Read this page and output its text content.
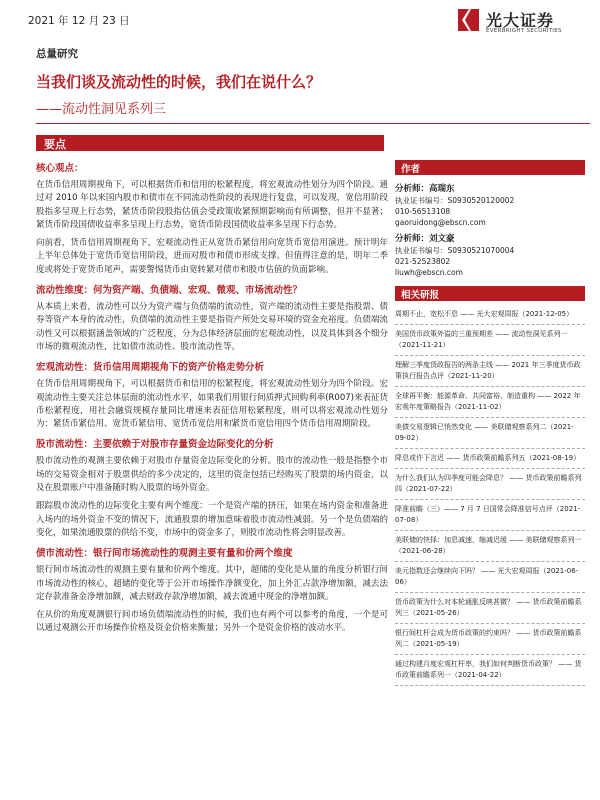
2021 年 12 月 23 日	光大证券
EVERBRIGHT SECURITIES
总量研究
当我们谈及流动性的时候，我们在说什么？
——流动性洞见系列三
要点
核心观点：

在货币信用周期视角下，可以根据货币和信用的松紧程度，将宏观流动性划分为四个阶段。通过对 2010 年以来国内股市和债市在不同流动性阶段的表现进行复盘，可以发现，宽信用阶段股指多呈现上行态势，紧货币阶段股指估值会受政策收紧预期影响而有所调整，但并不显著；紧货币阶段国债收益率多呈现上行态势，宽货币阶段国债收益率多呈现下行态势。

向前看，货币信用周期视角下，宏观流动性正从宽货币紧信用向宽货币宽信用演进。预计明年上半年总体处于宽货币宽信用阶段，进而对股市和债市形成支撑。但值得注意的是，明年二季度或将处于宽货币尾声，需要警惕货币由宽转紧对债市和股市估值的负面影响。

流动性维度：何为资产端、负债端、宏观、微观、市场流动性？

从本质上来看，流动性可以分为资产端与负债端的流动性，资产端的流动性主要是指股票、债券等资产本身的流动性，负债端的流动性主要是指资产所处交易环境的资金充裕度。负债端流动性又可以根据涵盖领域的广泛程度，分为总体经济层面的宏观流动性，以及具体到各个细分市场的微观流动性，比如债市流动性、股市流动性等。

宏观流动性：货币信用周期视角下的资产价格走势分析

在货币信用周期视角下，可以根据货币和信用的松紧程度，将宏观流动性划分为四个阶段。宏观流动性主要关注总体层面的流动性水平，如果我们用银行间质押式回购利率(R007)来表征货币松紧程度，用社会融资规模存量同比增速来表征信用松紧程度，则可以将宏观流动性划分为：紧货币紧信用、宽货币紧信用、宽货币宽信用和紧货币宽信用四个货币信用周期阶段。

股市流动性：主要依赖于对股市存量资金边际变化的分析

股市流动性的观测主要依赖于对股市存量资金边际变化的分析。股市的流动性一般是指整个市场的交易资金相对于股票供给的多少决定的，这里的资金包括已经购买了股票的场内资金，以及在股票账户中准备随时购入股票的场外资金。

跟踪股市流动性的边际变化主要有两个维度：一个是资产端的挤压，如果在场内资金和准备进入场内的场外资金不变的情况下，流通股票的增加意味着股市流动性减弱。另一个是负债端的变化，如果流通股票的供给不变，市场中的资金多了，则股市流动性将会明显改善。

债市流动性：银行间市场流动性的观测主要有量和价两个维度

银行间市场流动性的观测主要有量和价两个维度。其中，超储的变化是从量的角度分析银行间市场流动性的核心，超储的变化等于公开市场操作净额变化，加上外汇占款净增加额，减去法定存款准备金净增加额，减去财政存款净增加额，减去流通中现金的净增加额。

在从价的角度观测银行间市场负债端流动性的时候，我们也有两个可以参考的角度，一个是可以通过观测公开市场操作价格及资金价格来衡量；另外一个是资金价格的波动水平。

作者
分析师：高瑞东
执业证书编号：S0930520120002
010-56513108
gaoruidong@ebscn.com
分析师：刘文豪
执业证书编号：S0930521070004
021-52523802
liuwh@ebscn.com
相关研报
周期不止，宽松不息 —— 光大宏观周报（2021-12-05）
美国货币政策外溢的三重预期差 —— 流动性洞见系列一（2021-11-21）
理解三季度货政报告的两条主线 —— 2021 年三季度货币政策执行报告点评（2021-11-20）
全球再平衡：能源革命、共同富裕、制造重构 —— 2022 年宏观年度策略报告（2021-11-02）
美债交易逻辑已悄然变化 —— 美联储观察系列二（2021-09-02）
降息或许下言迟 —— 货币政策前瞻系列五（2021-08-19）
为什么我们认为四季度可能会降息？ —— 货币政策前瞻系列四（2021-07-22）
降准前瞻（三）—— 7 月 7 日国常会降准信号点评（2021-07-08）
美联储的快择：加息减速，缩减迟缓 —— 美联储观察系列一（2021-06-28）
美元指数还会继续向下吗？ —— 光大宏观周报（2021-06-06）
货币政策为什么对本轮通胀反映甚微？ —— 货币政策前瞻系列三（2021-05-26）
银行间杠杆会成为货币政策的约束吗？ —— 货币政策前瞻系列二（2021-05-19）
通过构建月度宏观杠杆率，我们如何判断货币政策？ —— 货币政策前瞻系列一（2021-04-22）
